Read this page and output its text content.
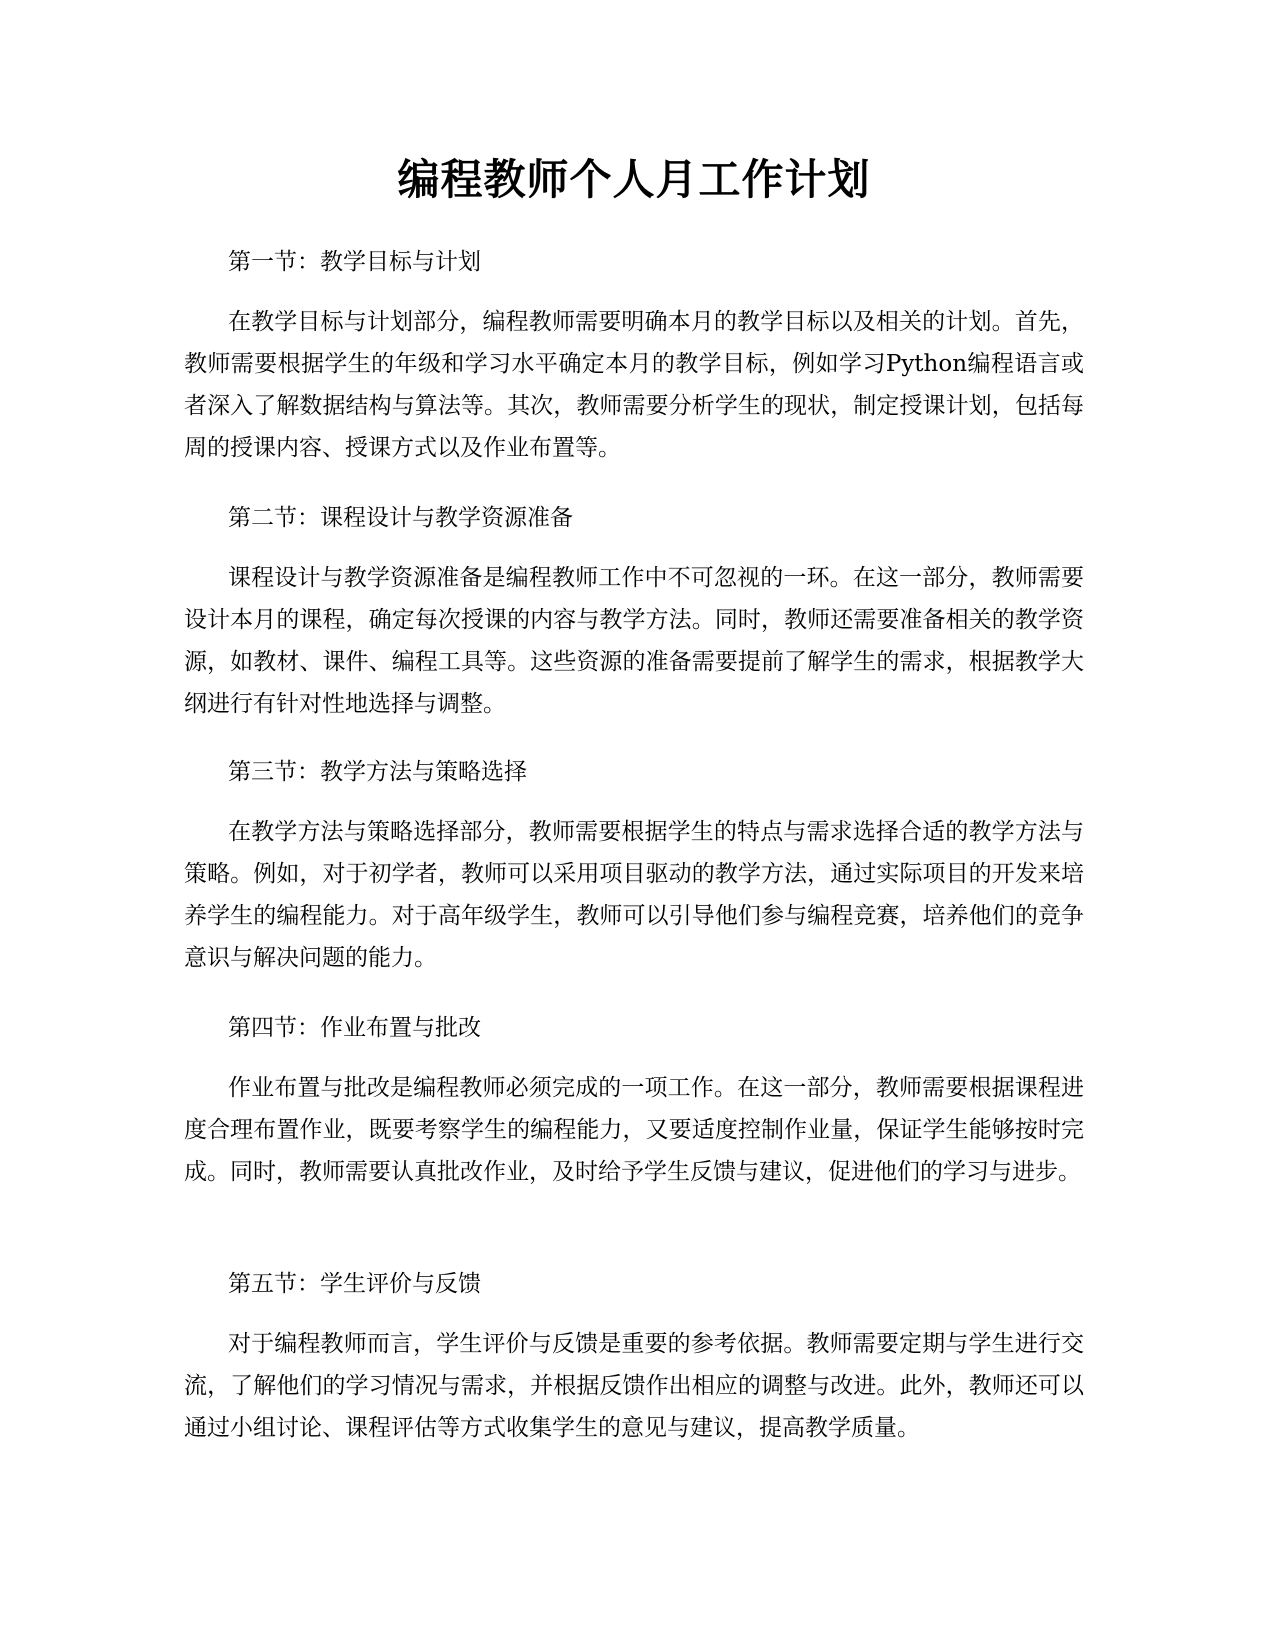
编程教师个人月工作计划
第一节：教学目标与计划

在教学目标与计划部分，编程教师需要明确本月的教学目标以及相关的计划。首先，教师需要根据学生的年级和学习水平确定本月的教学目标，例如学习Python编程语言或者深入了解数据结构与算法等。其次，教师需要分析学生的现状，制定授课计划，包括每周的授课内容、授课方式以及作业布置等。

第二节：课程设计与教学资源准备

课程设计与教学资源准备是编程教师工作中不可忽视的一环。在这一部分，教师需要设计本月的课程，确定每次授课的内容与教学方法。同时，教师还需要准备相关的教学资源，如教材、课件、编程工具等。这些资源的准备需要提前了解学生的需求，根据教学大纲进行有针对性地选择与调整。

第三节：教学方法与策略选择

在教学方法与策略选择部分，教师需要根据学生的特点与需求选择合适的教学方法与策略。例如，对于初学者，教师可以采用项目驱动的教学方法，通过实际项目的开发来培养学生的编程能力。对于高年级学生，教师可以引导他们参与编程竞赛，培养他们的竞争意识与解决问题的能力。

第四节：作业布置与批改

作业布置与批改是编程教师必须完成的一项工作。在这一部分，教师需要根据课程进度合理布置作业，既要考察学生的编程能力，又要适度控制作业量，保证学生能够按时完成。同时，教师需要认真批改作业，及时给予学生反馈与建议，促进他们的学习与进步。

第五节：学生评价与反馈

对于编程教师而言，学生评价与反馈是重要的参考依据。教师需要定期与学生进行交流，了解他们的学习情况与需求，并根据反馈作出相应的调整与改进。此外，教师还可以通过小组讨论、课程评估等方式收集学生的意见与建议，提高教学质量。
